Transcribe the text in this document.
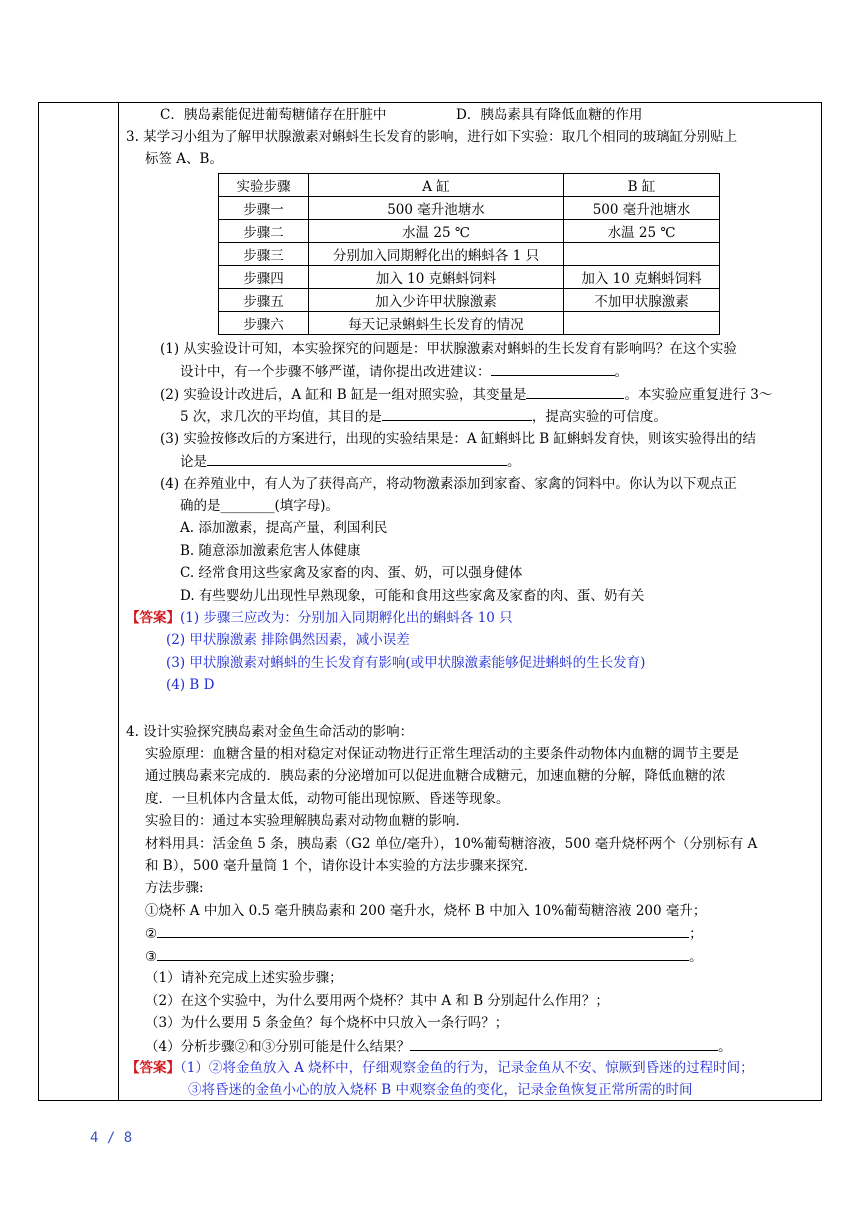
C．胰岛素能促进葡萄糖储存在肝脏中	D．胰岛素具有降低血糖的作用
3. 某学习小组为了解甲状腺激素对蝌蚪生长发育的影响，进行如下实验：取几个相同的玻璃缸分别贴上
标签 A、B。
实验步骤	A 缸	B 缸
步骤一	500 毫升池塘水	500 毫升池塘水
步骤二	水温 25 ℃	水温 25 ℃
步骤三	分别加入同期孵化出的蝌蚪各 1 只	
步骤四	加入 10 克蝌蚪饲料	加入 10 克蝌蚪饲料
步骤五	加入少许甲状腺激素	不加甲状腺激素
步骤六	每天记录蝌蚪生长发育的情况	
(1) 从实验设计可知，本实验探究的问题是：甲状腺激素对蝌蚪的生长发育有影响吗？在这个实验
设计中，有一个步骤不够严谨，请你提出改进建议：	。
(2) 实验设计改进后，A 缸和 B 缸是一组对照实验，其变量是	。本实验应重复进行 3～
5 次，求几次的平均值，其目的是	，提高实验的可信度。
(3) 实验按修改后的方案进行，出现的实验结果是：A 缸蝌蚪比 B 缸蝌蚪发育快，则该实验得出的结
论是	。
(4) 在养殖业中，有人为了获得高产，将动物激素添加到家畜、家禽的饲料中。你认为以下观点正
确的是________(填字母)。
A. 添加激素，提高产量，利国利民
B. 随意添加激素危害人体健康
C. 经常食用这些家禽及家畜的肉、蛋、奶，可以强身健体
D. 有些婴幼儿出现性早熟现象，可能和食用这些家禽及家畜的肉、蛋、奶有关
【答案】(1) 步骤三应改为：分别加入同期孵化出的蝌蚪各 10 只
(2) 甲状腺激素 排除偶然因素，减小误差
(3) 甲状腺激素对蝌蚪的生长发育有影响(或甲状腺激素能够促进蝌蚪的生长发育)
(4) B D
4. 设计实验探究胰岛素对金鱼生命活动的影响：
实验原理：血糖含量的相对稳定对保证动物进行正常生理活动的主要条件动物体内血糖的调节主要是
通过胰岛素来完成的．胰岛素的分泌增加可以促进血糖合成糖元，加速血糖的分解，降低血糖的浓
度．一旦机体内含量太低，动物可能出现惊厥、昏迷等现象。
实验目的：通过本实验理解胰岛素对动物血糖的影响．
材料用具：活金鱼 5 条，胰岛素（G2 单位/毫升），10%葡萄糖溶液，500 毫升烧杯两个（分别标有 A
和 B），500 毫升量筒 1 个，请你设计本实验的方法步骤来探究．
方法步骤:
①烧杯 A 中加入 0.5 毫升胰岛素和 200 毫升水，烧杯 B 中加入 10%葡萄糖溶液 200 毫升；
②	；
③	。
（1）请补充完成上述实验步骤；
（2）在这个实验中，为什么要用两个烧杯？其中 A 和 B 分别起什么作用？；
（3）为什么要用 5 条金鱼？每个烧杯中只放入一条行吗？；
（4）分析步骤②和③分别可能是什么结果？	。
【答案】（1）②将金鱼放入 A 烧杯中，仔细观察金鱼的行为，记录金鱼从不安、惊厥到昏迷的过程时间；
③将昏迷的金鱼小心的放入烧杯 B 中观察金鱼的变化，记录金鱼恢复正常所需的时间
4 / 8
